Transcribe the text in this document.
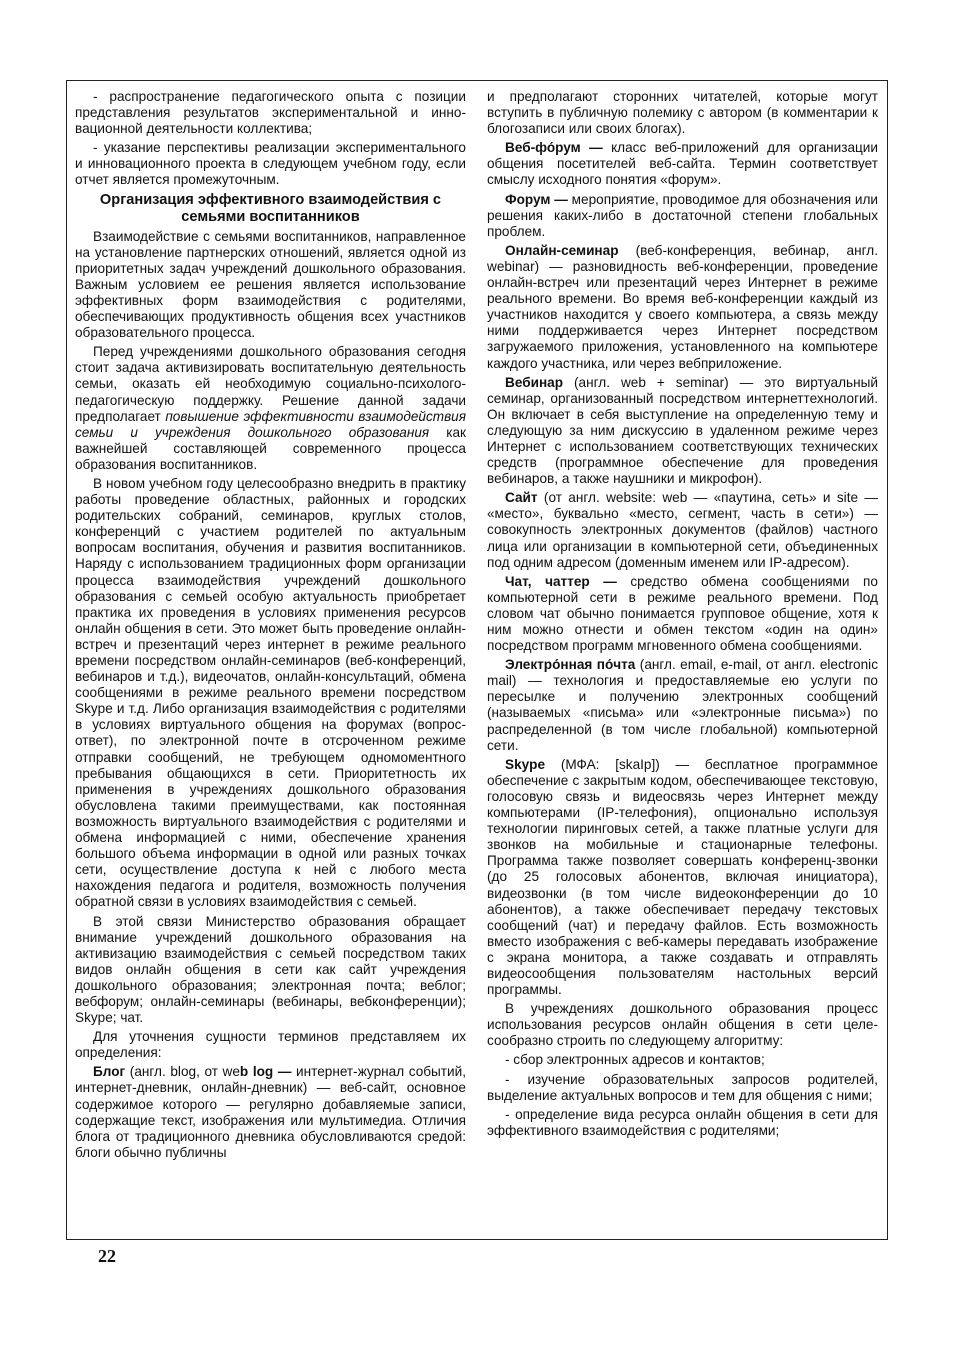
- распространение педагогического опыта с позиции представления результатов экспериментальной и инновационной деятельности коллектива;

- указание перспективы реализации экспериментального и инновационного проекта в следующем учебном году, если отчет является промежуточным.

Организация эффективного взаимодействия с семьями воспитанников

Взаимодействие с семьями воспитанников, направленное на установление партнерских отношений, является одной из приоритетных задач учреждений дошкольного образования. Важным условием ее решения является использование эффективных форм взаимодействия с родителями, обеспечивающих продуктивность общения всех участников образовательного процесса.

Перед учреждениями дошкольного образования сегодня стоит задача активизировать воспитательную деятельность семьи, оказать ей необходимую социально-психолого-педагогическую поддержку. Решение данной задачи предполагает повышение эффективности взаимодействия семьи и учреждения дошкольного образования как важнейшей составляющей современного процесса образования воспитанников.

В новом учебном году целесообразно внедрить в практику работы проведение областных, районных и городских родительских собраний, семинаров, круглых столов, конференций с участием родителей по актуальным вопросам воспитания, обучения и развития воспитанников. Наряду с использованием традиционных форм организации процесса взаимодействия учреждений дошкольного образования с семьей особую актуальность приобретает практика их проведения в условиях применения ресурсов онлайн общения в сети. Это может быть проведение онлайн-встреч и презентаций через интернет в режиме реального времени посредством онлайн-семинаров (веб-конференций, вебинаров и т.д.), видеочатов, онлайн-консультаций, обмена сообщениями в режиме реального времени посредством Skype и т.д. Либо организация взаимодействия с родителями в условиях виртуального общения на форумах (вопрос-ответ), по электронной почте в отсроченном режиме отправки сообщений, не требующем одномоментного пребывания общающихся в сети. Приоритетность их применения в учреждениях дошкольного образования обусловлена такими преимуществами, как постоянная возможность виртуального взаимодействия с родителями и обмена информацией с ними, обеспечение хранения большого объема информации в одной или разных точках сети, осуществление доступа к ней с любого места нахождения педагога и родителя, возможность получения обратной связи в условиях взаимодействия с семьей.

В этой связи Министерство образования обращает внимание учреждений дошкольного образования на активизацию взаимодействия с семьей посредством таких видов онлайн общения в сети как сайт учреждения дошкольного образования; электронная почта; веблог; вебфорум; онлайн-семинары (вебинары, вебконференции); Skype; чат.

Для уточнения сущности терминов представляем их определения:

Блог (англ. blog, от web log — интернет-журнал событий, интернет-дневник, онлайн-дневник) — веб-сайт, основное содержимое которого — регулярно добавляемые записи, содержащие текст, изображения или мультимедиа. Отличия блога от традиционного дневника обусловливаются средой: блоги обычно публичны

и предполагают сторонних читателей, которые могут вступить в публичную полемику с автором (в комментарии к блогозаписи или своих блогах).

Веб-фо́рум — класс веб-приложений для организации общения посетителей веб-сайта. Термин соответствует смыслу исходного понятия «форум».

Форум — мероприятие, проводимое для обозначения или решения каких-либо в достаточной степени глобальных проблем.

Онлайн-семинар (веб-конференция, вебинар, англ. webinar) — разновидность веб-конференции, проведение онлайн-встреч или презентаций через Интернет в режиме реального времени. Во время веб-конференции каждый из участников находится у своего компьютера, а связь между ними поддерживается через Интернет посредством загружаемого приложения, установленного на компьютере каждого участника, или через вебприложение.

Вебинар (англ. web + seminar) — это виртуальный семинар, организованный посредством интернеттехнологий. Он включает в себя выступление на определенную тему и следующую за ним дискуссию в удаленном режиме через Интернет с использованием соответствующих технических средств (программное обеспечение для проведения вебинаров, а также наушники и микрофон).

Сайт (от англ. website: web — «паутина, сеть» и site — «место», буквально «место, сегмент, часть в сети») — совокупность электронных документов (файлов) частного лица или организации в компьютерной сети, объединенных под одним адресом (доменным именем или IP-адресом).

Чат, чаттер — средство обмена сообщениями по компьютерной сети в режиме реального времени. Под словом чат обычно понимается групповое общение, хотя к ним можно отнести и обмен текстом «один на один» посредством программ мгновенного обмена сообщениями.

Электро́нная по́чта (англ. email, e-mail, от англ. electronic mail) — технология и предоставляемые ею услуги по пересылке и получению электронных сообщений (называемых «письма» или «электронные письма») по распределенной (в том числе глобальной) компьютерной сети.

Skype (МФА: [skaIp]) — бесплатное программное обеспечение с закрытым кодом, обеспечивающее текстовую, голосовую связь и видеосвязь через Интернет между компьютерами (IP-телефония), опционально используя технологии пиринговых сетей, а также платные услуги для звонков на мобильные и стационарные телефоны. Программа также позволяет совершать конференц-звонки (до 25 голосовых абонентов, включая инициатора), видеозвонки (в том числе видеоконференции до 10 абонентов), а также обеспечивает передачу текстовых сообщений (чат) и передачу файлов. Есть возможность вместо изображения с веб-камеры передавать изображение с экрана монитора, а также создавать и отправлять видеосообщения пользователям настольных версий программы.

В учреждениях дошкольного образования процесс использования ресурсов онлайн общения в сети целесообразно строить по следующему алгоритму:

- сбор электронных адресов и контактов;

- изучение образовательных запросов родителей, выделение актуальных вопросов и тем для общения с ними;

- определение вида ресурса онлайн общения в сети для эффективного взаимодействия с родителями;

22
